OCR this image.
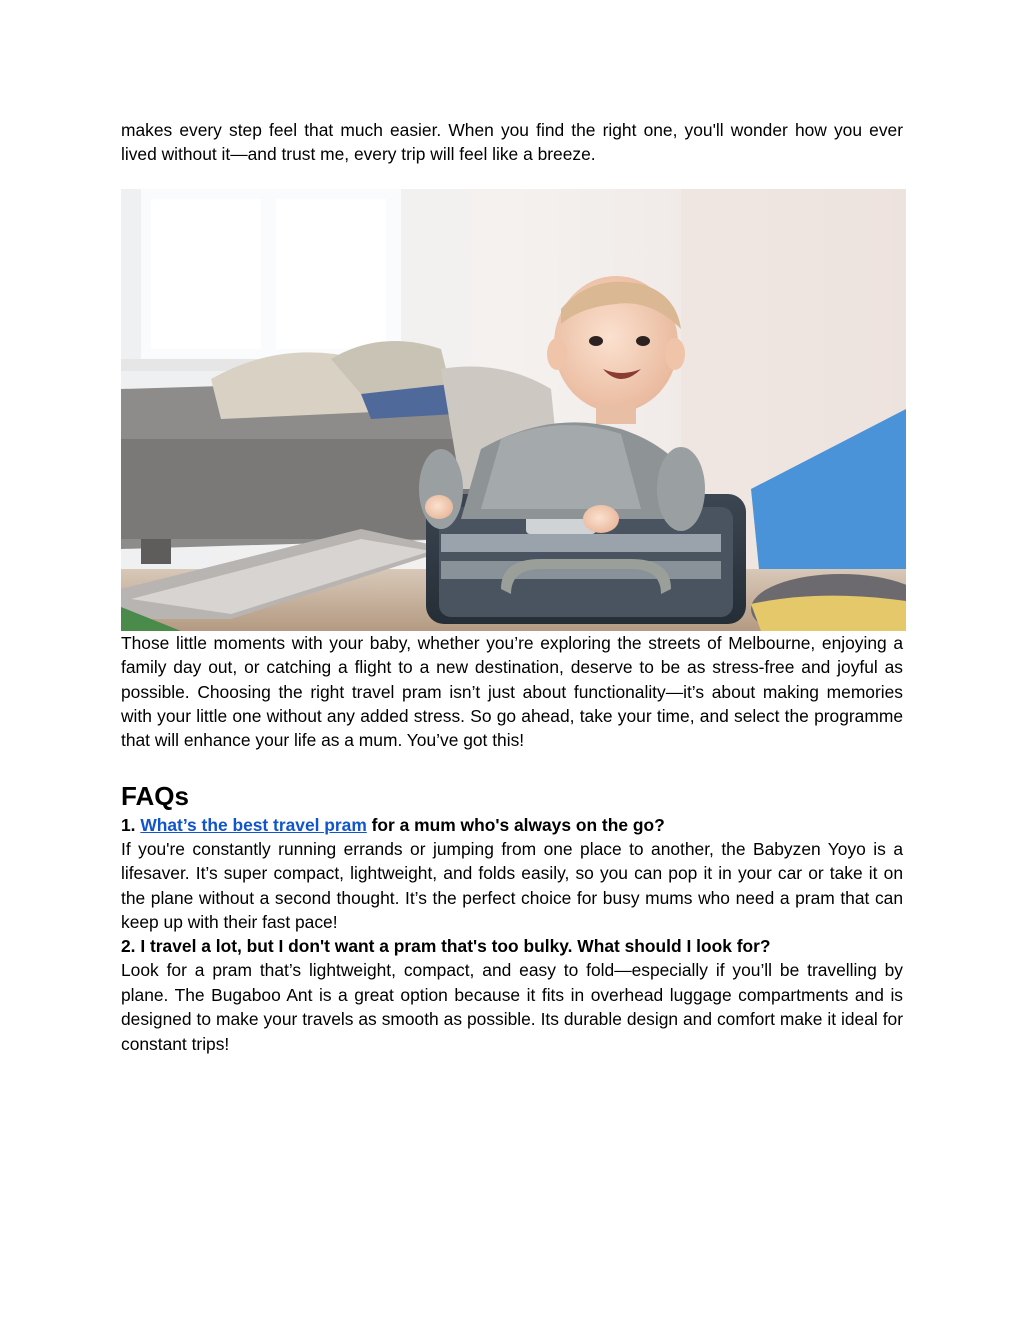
makes every step feel that much easier. When you find the right one, you'll wonder how you ever lived without it—and trust me, every trip will feel like a breeze.

Those little moments with your baby, whether you’re exploring the streets of Melbourne, enjoying a family day out, or catching a flight to a new destination, deserve to be as stress-free and joyful as possible. Choosing the right travel pram isn’t just about functionality—it’s about making memories with your little one without any added stress. So go ahead, take your time, and select the programme that will enhance your life as a mum. You’ve got this!

FAQs
1. What’s the best travel pram for a mum who's always on the go?

If you're constantly running errands or jumping from one place to another, the Babyzen Yoyo is a lifesaver. It’s super compact, lightweight, and folds easily, so you can pop it in your car or take it on the plane without a second thought. It’s the perfect choice for busy mums who need a pram that can keep up with their fast pace!

2. I travel a lot, but I don't want a pram that's too bulky. What should I look for?

Look for a pram that’s lightweight, compact, and easy to fold—especially if you’ll be travelling by plane. The Bugaboo Ant is a great option because it fits in overhead luggage compartments and is designed to make your travels as smooth as possible. Its durable design and comfort make it ideal for constant trips!
